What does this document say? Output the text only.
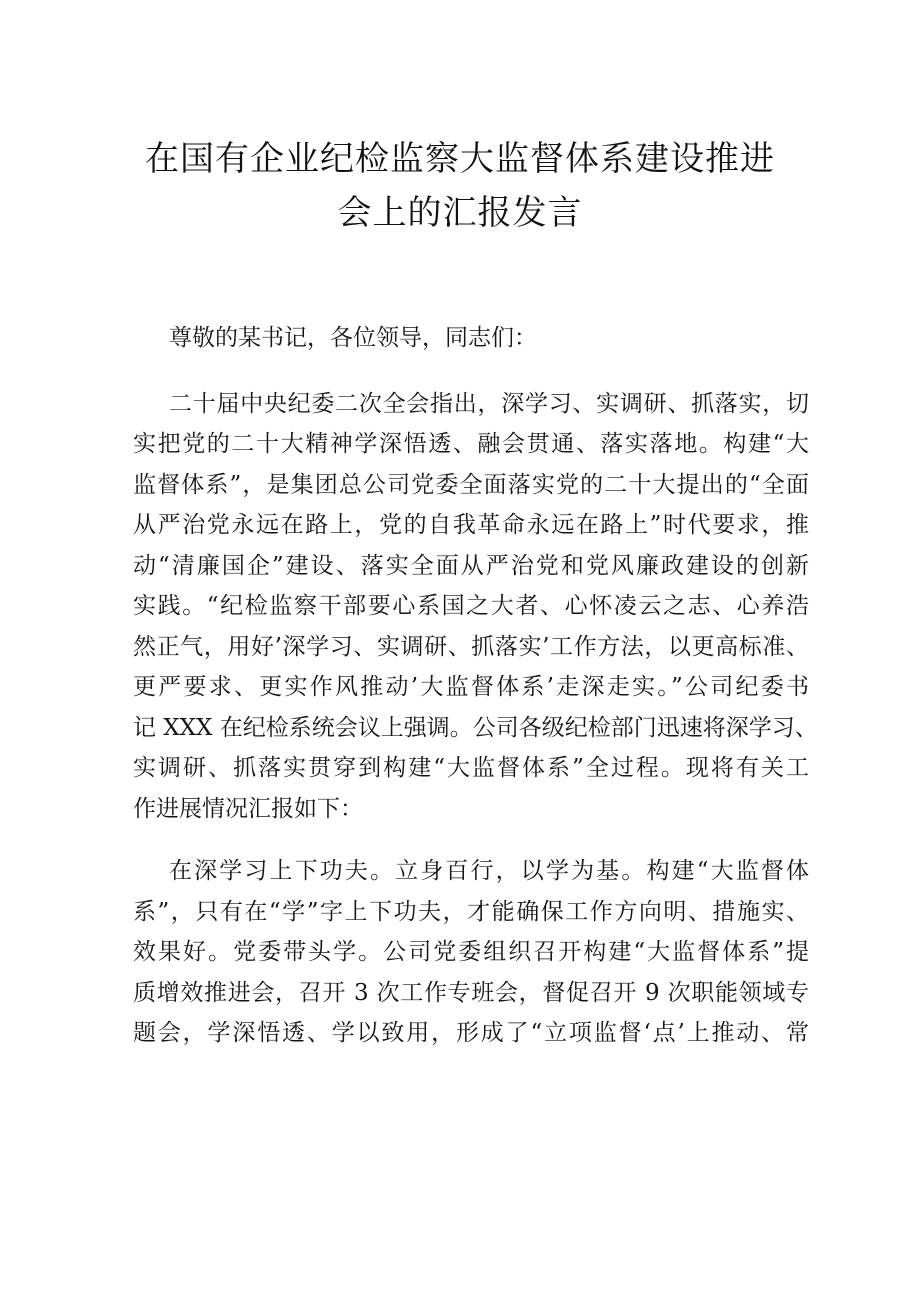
在国有企业纪检监察大监督体系建设推进
会上的汇报发言

尊敬的某书记，各位领导，同志们：

二十届中央纪委二次全会指出，深学习、实调研、抓落实，切
实把党的二十大精神学深悟透、融会贯通、落实落地。构建“大
监督体系”，是集团总公司党委全面落实党的二十大提出的“全面
从严治党永远在路上，党的自我革命永远在路上”时代要求，推
动“清廉国企”建设、落实全面从严治党和党风廉政建设的创新
实践。“纪检监察干部要心系国之大者、心怀凌云之志、心养浩
然正气，用好’深学习、实调研、抓落实’工作方法，以更高标准、
更严要求、更实作风推动’大监督体系’走深走实。”公司纪委书
记 XXX 在纪检系统会议上强调。公司各级纪检部门迅速将深学习、
实调研、抓落实贯穿到构建“大监督体系”全过程。现将有关工
作进展情况汇报如下：

在深学习上下功夫。立身百行，以学为基。构建“大监督体
系”，只有在“学”字上下功夫，才能确保工作方向明、措施实、
效果好。党委带头学。公司党委组织召开构建“大监督体系”提
质增效推进会，召开 3 次工作专班会，督促召开 9 次职能领域专
题会，学深悟透、学以致用，形成了“立项监督‘点’上推动、常
